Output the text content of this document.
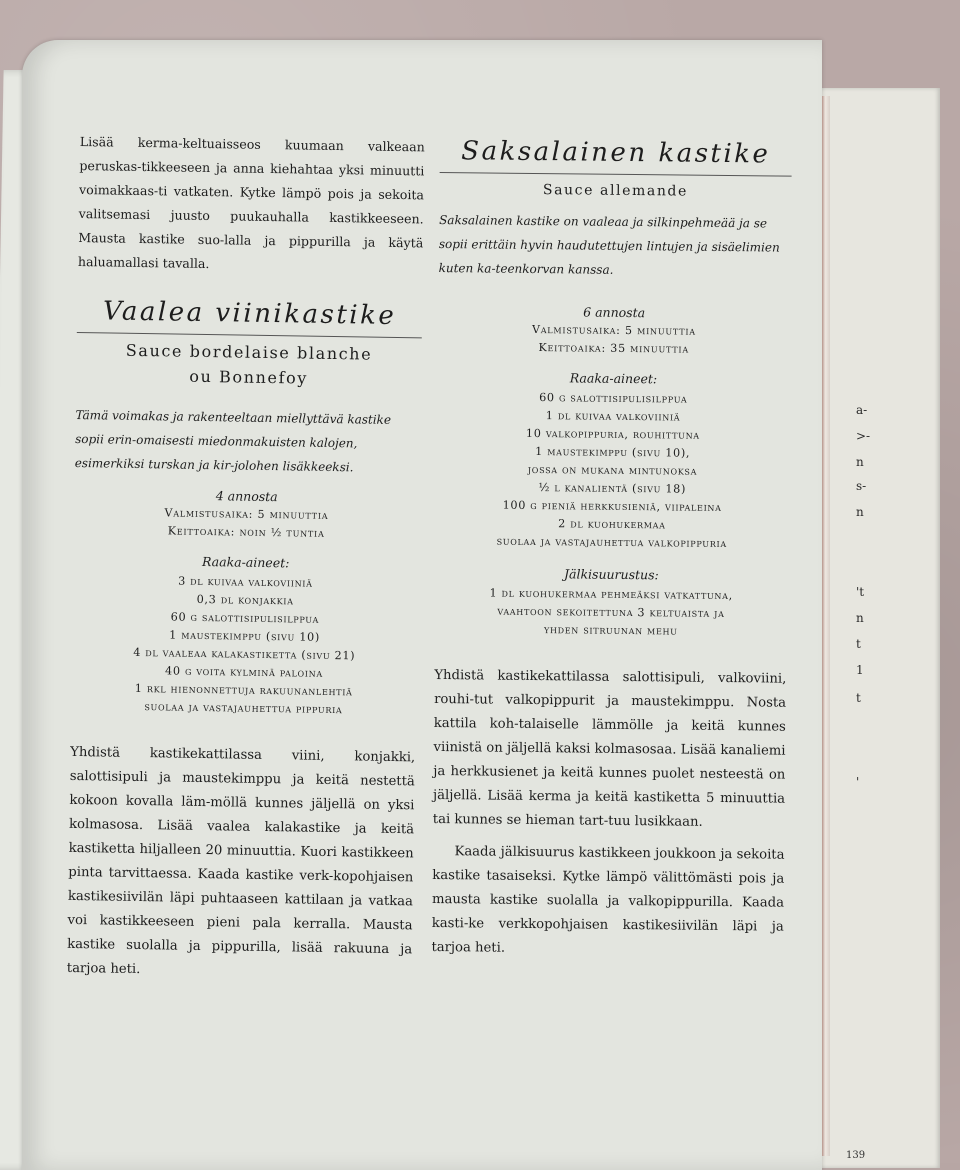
a-
>-
n
s-
n
't
n
t
1
t
'

Lisää kerma-keltuaisseos kuumaan valkeaan peruskas-tikkeeseen ja anna kiehahtaa yksi minuutti voimakkaas-ti vatkaten. Kytke lämpö pois ja sekoita valitsemasi juusto puukauhalla kastikkeeseen. Mausta kastike suo-lalla ja pippurilla ja käytä haluamallasi tavalla.

Vaalea viinikastike
Sauce bordelaise blanche
ou Bonnefoy

Tämä voimakas ja rakenteeltaan miellyttävä kastike sopii erin-omaisesti miedonmakuisten kalojen, esimerkiksi turskan ja kir-jolohen lisäkkeeksi.

4 annosta
Valmistusaika: 5 minuuttia
Keittoaika: noin ½ tuntia
Raaka-aineet:
3 dl kuivaa valkoviiniä
0,3 dl konjakkia
60 g salottisipulisilppua
1 maustekimppu (sivu 10)
4 dl vaaleaa kalakastiketta (sivu 21)
40 g voita kylminä paloina
1 rkl hienonnettuja rakuunanlehtiä
suolaa ja vastajauhettua pippuria

Yhdistä kastikekattilassa viini, konjakki, salottisipuli ja maustekimppu ja keitä nestettä kokoon kovalla läm-möllä kunnes jäljellä on yksi kolmasosa. Lisää vaalea kalakastike ja keitä kastiketta hiljalleen 20 minuuttia. Kuori kastikkeen pinta tarvittaessa. Kaada kastike verk-kopohjaisen kastikesiivilän läpi puhtaaseen kattilaan ja vatkaa voi kastikkeeseen pieni pala kerralla. Mausta kastike suolalla ja pippurilla, lisää rakuuna ja tarjoa heti.

Saksalainen kastike
Sauce allemande

Saksalainen kastike on vaaleaa ja silkinpehmeää ja se sopii erittäin hyvin haudutettujen lintujen ja sisäelimien kuten ka-teenkorvan kanssa.

6 annosta
Valmistusaika: 5 minuuttia
Keittoaika: 35 minuuttia
Raaka-aineet:
60 g salottisipulisilppua
1 dl kuivaa valkoviiniä
10 valkopippuria, rouhittuna
1 maustekimppu (sivu 10),
jossa on mukana mintunoksa
½ l kanalientä (sivu 18)
100 g pieniä herkkusieniä, viipaleina
2 dl kuohukermaa
suolaa ja vastajauhettua valkopippuria
Jälkisuurustus:
1 dl kuohukermaa pehmeäksi vatkattuna,
vaahtoon sekoitettuna 3 keltuaista ja
yhden sitruunan mehu

Yhdistä kastikekattilassa salottisipuli, valkoviini, rouhi-tut valkopippurit ja maustekimppu. Nosta kattila koh-talaiselle lämmölle ja keitä kunnes viinistä on jäljellä kaksi kolmasosaa. Lisää kanaliemi ja herkkusienet ja keitä kunnes puolet nesteestä on jäljellä. Lisää kerma ja keitä kastiketta 5 minuuttia tai kunnes se hieman tart-tuu lusikkaan.

Kaada jälkisuurus kastikkeen joukkoon ja sekoita kastike tasaiseksi. Kytke lämpö välittömästi pois ja mausta kastike suolalla ja valkopippurilla. Kaada kasti-ke verkkopohjaisen kastikesiivilän läpi ja tarjoa heti.

139
